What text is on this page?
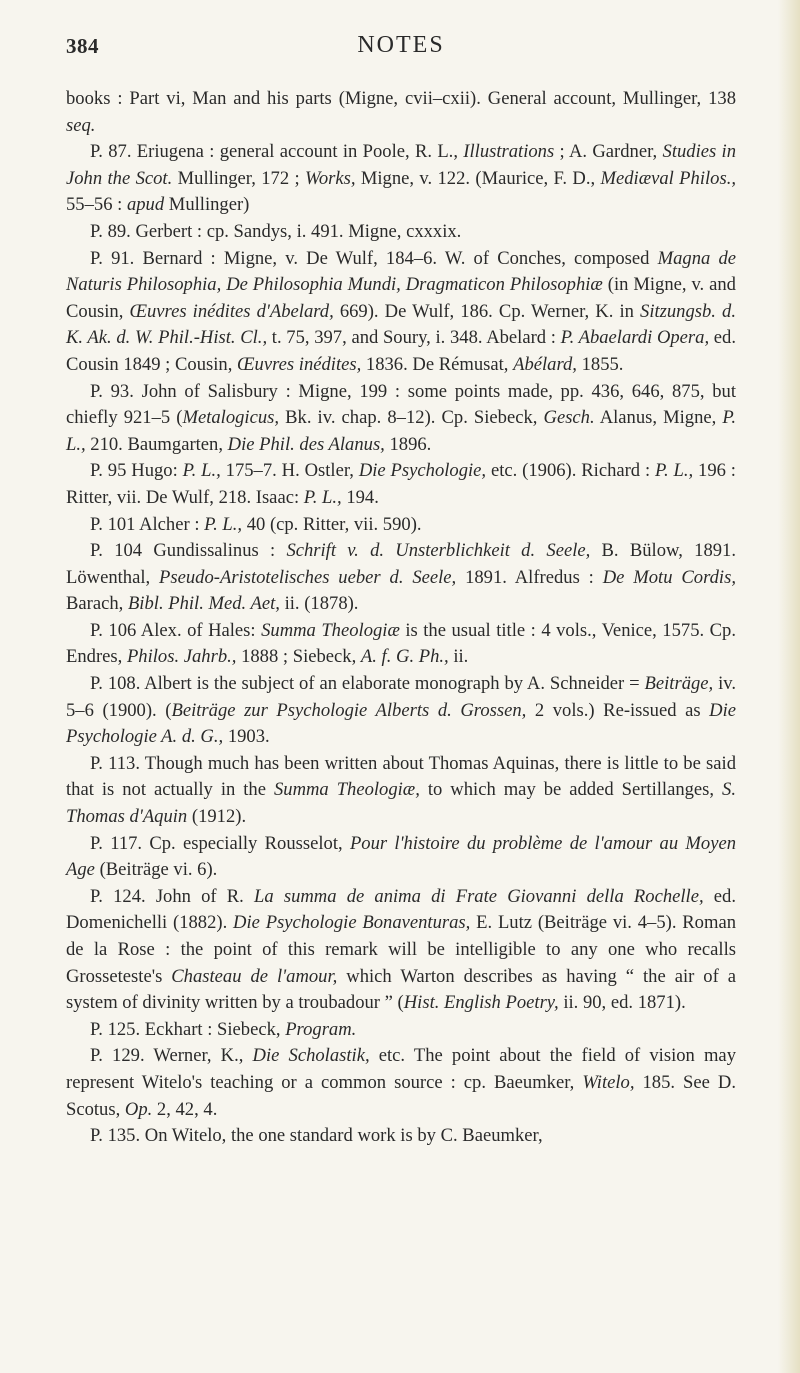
384	NOTES

books : Part vi, Man and his parts (Migne, cvii–cxii). General account, Mullinger, 138 seq.

P. 87. Eriugena : general account in Poole, R. L., Illustrations ; A. Gardner, Studies in John the Scot. Mullinger, 172 ; Works, Migne, v. 122. (Maurice, F. D., Mediæval Philos., 55–56 : apud Mullinger)

P. 89. Gerbert : cp. Sandys, i. 491. Migne, cxxxix.

P. 91. Bernard : Migne, v. De Wulf, 184–6. W. of Conches, composed Magna de Naturis Philosophia, De Philosophia Mundi, Dragmaticon Philosophiæ (in Migne, v. and Cousin, Œuvres inédites d'Abelard, 669). De Wulf, 186. Cp. Werner, K. in Sitzungsb. d. K. Ak. d. W. Phil.-Hist. Cl., t. 75, 397, and Soury, i. 348. Abelard : P. Abaelardi Opera, ed. Cousin 1849 ; Cousin, Œuvres inédites, 1836. De Rémusat, Abélard, 1855.

P. 93. John of Salisbury : Migne, 199 : some points made, pp. 436, 646, 875, but chiefly 921–5 (Metalogicus, Bk. iv. chap. 8–12). Cp. Siebeck, Gesch. Alanus, Migne, P. L., 210. Baumgarten, Die Phil. des Alanus, 1896.

P. 95 Hugo: P. L., 175–7. H. Ostler, Die Psychologie, etc. (1906). Richard : P. L., 196 : Ritter, vii. De Wulf, 218. Isaac: P. L., 194.

P. 101 Alcher : P. L., 40 (cp. Ritter, vii. 590).

P. 104 Gundissalinus : Schrift v. d. Unsterblichkeit d. Seele, B. Bülow, 1891. Löwenthal, Pseudo-Aristotelisches ueber d. Seele, 1891. Alfredus : De Motu Cordis, Barach, Bibl. Phil. Med. Aet, ii. (1878).

P. 106 Alex. of Hales: Summa Theologiæ is the usual title : 4 vols., Venice, 1575. Cp. Endres, Philos. Jahrb., 1888 ; Siebeck, A. f. G. Ph., ii.

P. 108. Albert is the subject of an elaborate monograph by A. Schneider = Beiträge, iv. 5–6 (1900). (Beiträge zur Psychologie Alberts d. Grossen, 2 vols.) Re-issued as Die Psychologie A. d. G., 1903.

P. 113. Though much has been written about Thomas Aquinas, there is little to be said that is not actually in the Summa Theologiæ, to which may be added Sertillanges, S. Thomas d'Aquin (1912).

P. 117. Cp. especially Rousselot, Pour l'histoire du problème de l'amour au Moyen Age (Beiträge vi. 6).

P. 124. John of R. La summa de anima di Frate Giovanni della Rochelle, ed. Domenichelli (1882). Die Psychologie Bonaventuras, E. Lutz (Beiträge vi. 4–5). Roman de la Rose : the point of this remark will be intelligible to any one who recalls Grosseteste's Chasteau de l'amour, which Warton describes as having “ the air of a system of divinity written by a troubadour ” (Hist. English Poetry, ii. 90, ed. 1871).

P. 125. Eckhart : Siebeck, Program.

P. 129. Werner, K., Die Scholastik, etc. The point about the field of vision may represent Witelo's teaching or a common source : cp. Baeumker, Witelo, 185. See D. Scotus, Op. 2, 42, 4.

P. 135. On Witelo, the one standard work is by C. Baeumker,
